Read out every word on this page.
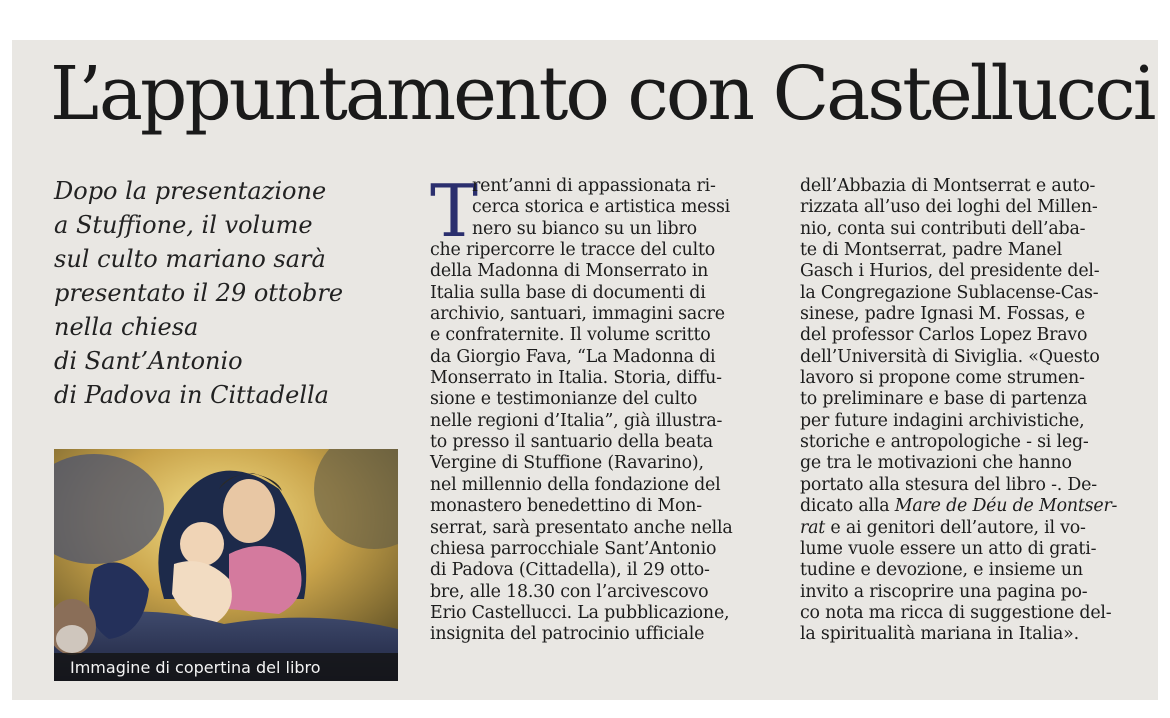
L’appuntamento con Castellucci
Dopo la presentazione
a Stuffione, il volume
sul culto mariano sarà
presentato il 29 ottobre
nella chiesa
di Sant’Antonio
di Padova in Cittadella
Immagine di copertina del libro
T
rent’anni di appassionata ri-
cerca storica e artistica messi
nero su bianco su un libro
che ripercorre le tracce del culto
della Madonna di Monserrato in
Italia sulla base di documenti di
archivio, santuari, immagini sacre
e confraternite. Il volume scritto
da Giorgio Fava, “La Madonna di
Monserrato in Italia. Storia, diffu-
sione e testimonianze del culto
nelle regioni d’Italia”, già illustra-
to presso il santuario della beata
Vergine di Stuffione (Ravarino),
nel millennio della fondazione del
monastero benedettino di Mon-
serrat, sarà presentato anche nella
chiesa parrocchiale Sant’Antonio
di Padova (Cittadella), il 29 otto-
bre, alle 18.30 con l’arcivescovo
Erio Castellucci. La pubblicazione,
insignita del patrocinio ufficiale
dell’Abbazia di Montserrat e auto-
rizzata all’uso dei loghi del Millen-
nio, conta sui contributi dell’aba-
te di Montserrat, padre Manel
Gasch i Hurios, del presidente del-
la Congregazione Sublacense-Cas-
sinese, padre Ignasi M. Fossas, e
del professor Carlos Lopez Bravo
dell’Università di Siviglia. «Questo
lavoro si propone come strumen-
to preliminare e base di partenza
per future indagini archivistiche,
storiche e antropologiche - si leg-
ge tra le motivazioni che hanno
portato alla stesura del libro -. De-
dicato alla Mare de Déu de Montser-
rat e ai genitori dell’autore, il vo-
lume vuole essere un atto di grati-
tudine e devozione, e insieme un
invito a riscoprire una pagina po-
co nota ma ricca di suggestione del-
la spiritualità mariana in Italia».
